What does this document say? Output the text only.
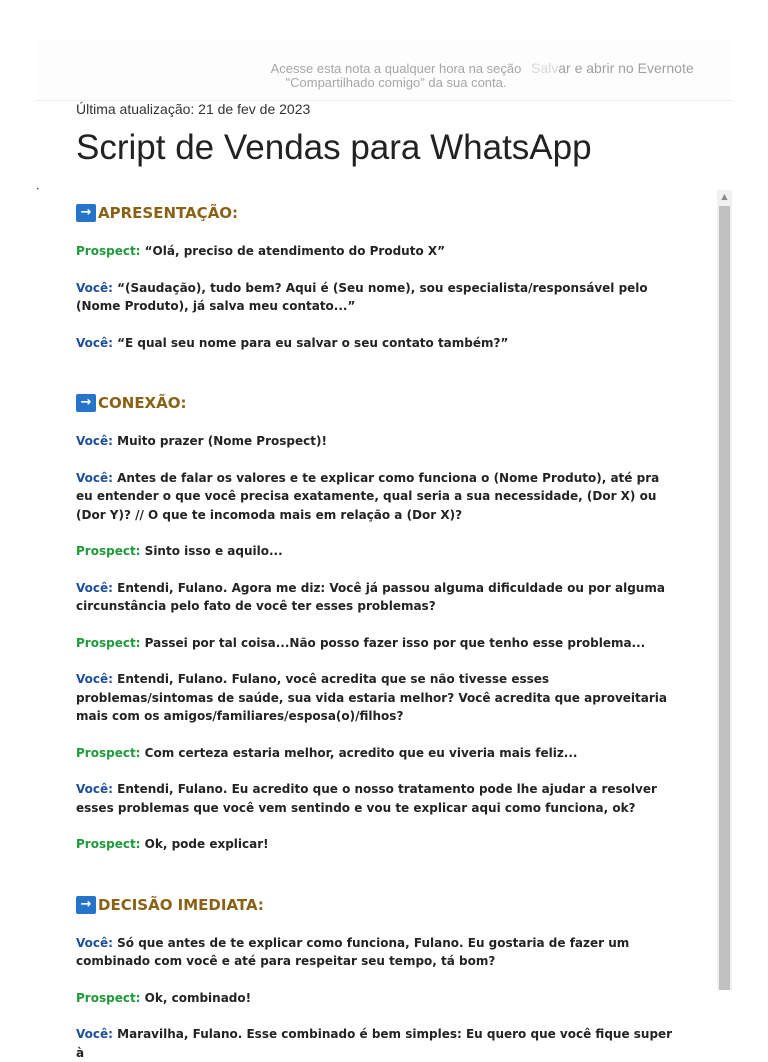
Acesse esta nota a qualquer hora na seção "Compartilhado comigo" da sua conta.
Salvar e abrir no Evernote
Última atualização: 21 de fev de 2023
Script de Vendas para WhatsApp
•
→ APRESENTAÇÃO:

Prospect: “Olá, preciso de atendimento do Produto X”

Você: “(Saudação), tudo bem? Aqui é (Seu nome), sou especialista/responsável pelo (Nome Produto), já salva meu contato...”

Você: “E qual seu nome para eu salvar o seu contato também?”

→ CONEXÃO:

Você: Muito prazer (Nome Prospect)!

Você: Antes de falar os valores e te explicar como funciona o (Nome Produto), até pra eu entender o que você precisa exatamente, qual seria a sua necessidade, (Dor X) ou (Dor Y)? // O que te incomoda mais em relação a (Dor X)?

Prospect: Sinto isso e aquilo...

Você: Entendi, Fulano. Agora me diz: Você já passou alguma dificuldade ou por alguma circunstância pelo fato de você ter esses problemas?

Prospect: Passei por tal coisa...Não posso fazer isso por que tenho esse problema...

Você: Entendi, Fulano. Fulano, você acredita que se não tivesse esses problemas/sintomas de saúde, sua vida estaria melhor? Você acredita que aproveitaria mais com os amigos/familiares/esposa(o)/filhos?

Prospect: Com certeza estaria melhor, acredito que eu viveria mais feliz...

Você: Entendi, Fulano. Eu acredito que o nosso tratamento pode lhe ajudar a resolver esses problemas que você vem sentindo e vou te explicar aqui como funciona, ok?

Prospect: Ok, pode explicar!

→ DECISÃO IMEDIATA:

Você: Só que antes de te explicar como funciona, Fulano. Eu gostaria de fazer um combinado com você e até para respeitar seu tempo, tá bom?

Prospect: Ok, combinado!

Você: Maravilha, Fulano. Esse combinado é bem simples: Eu quero que você fique super à

▲
